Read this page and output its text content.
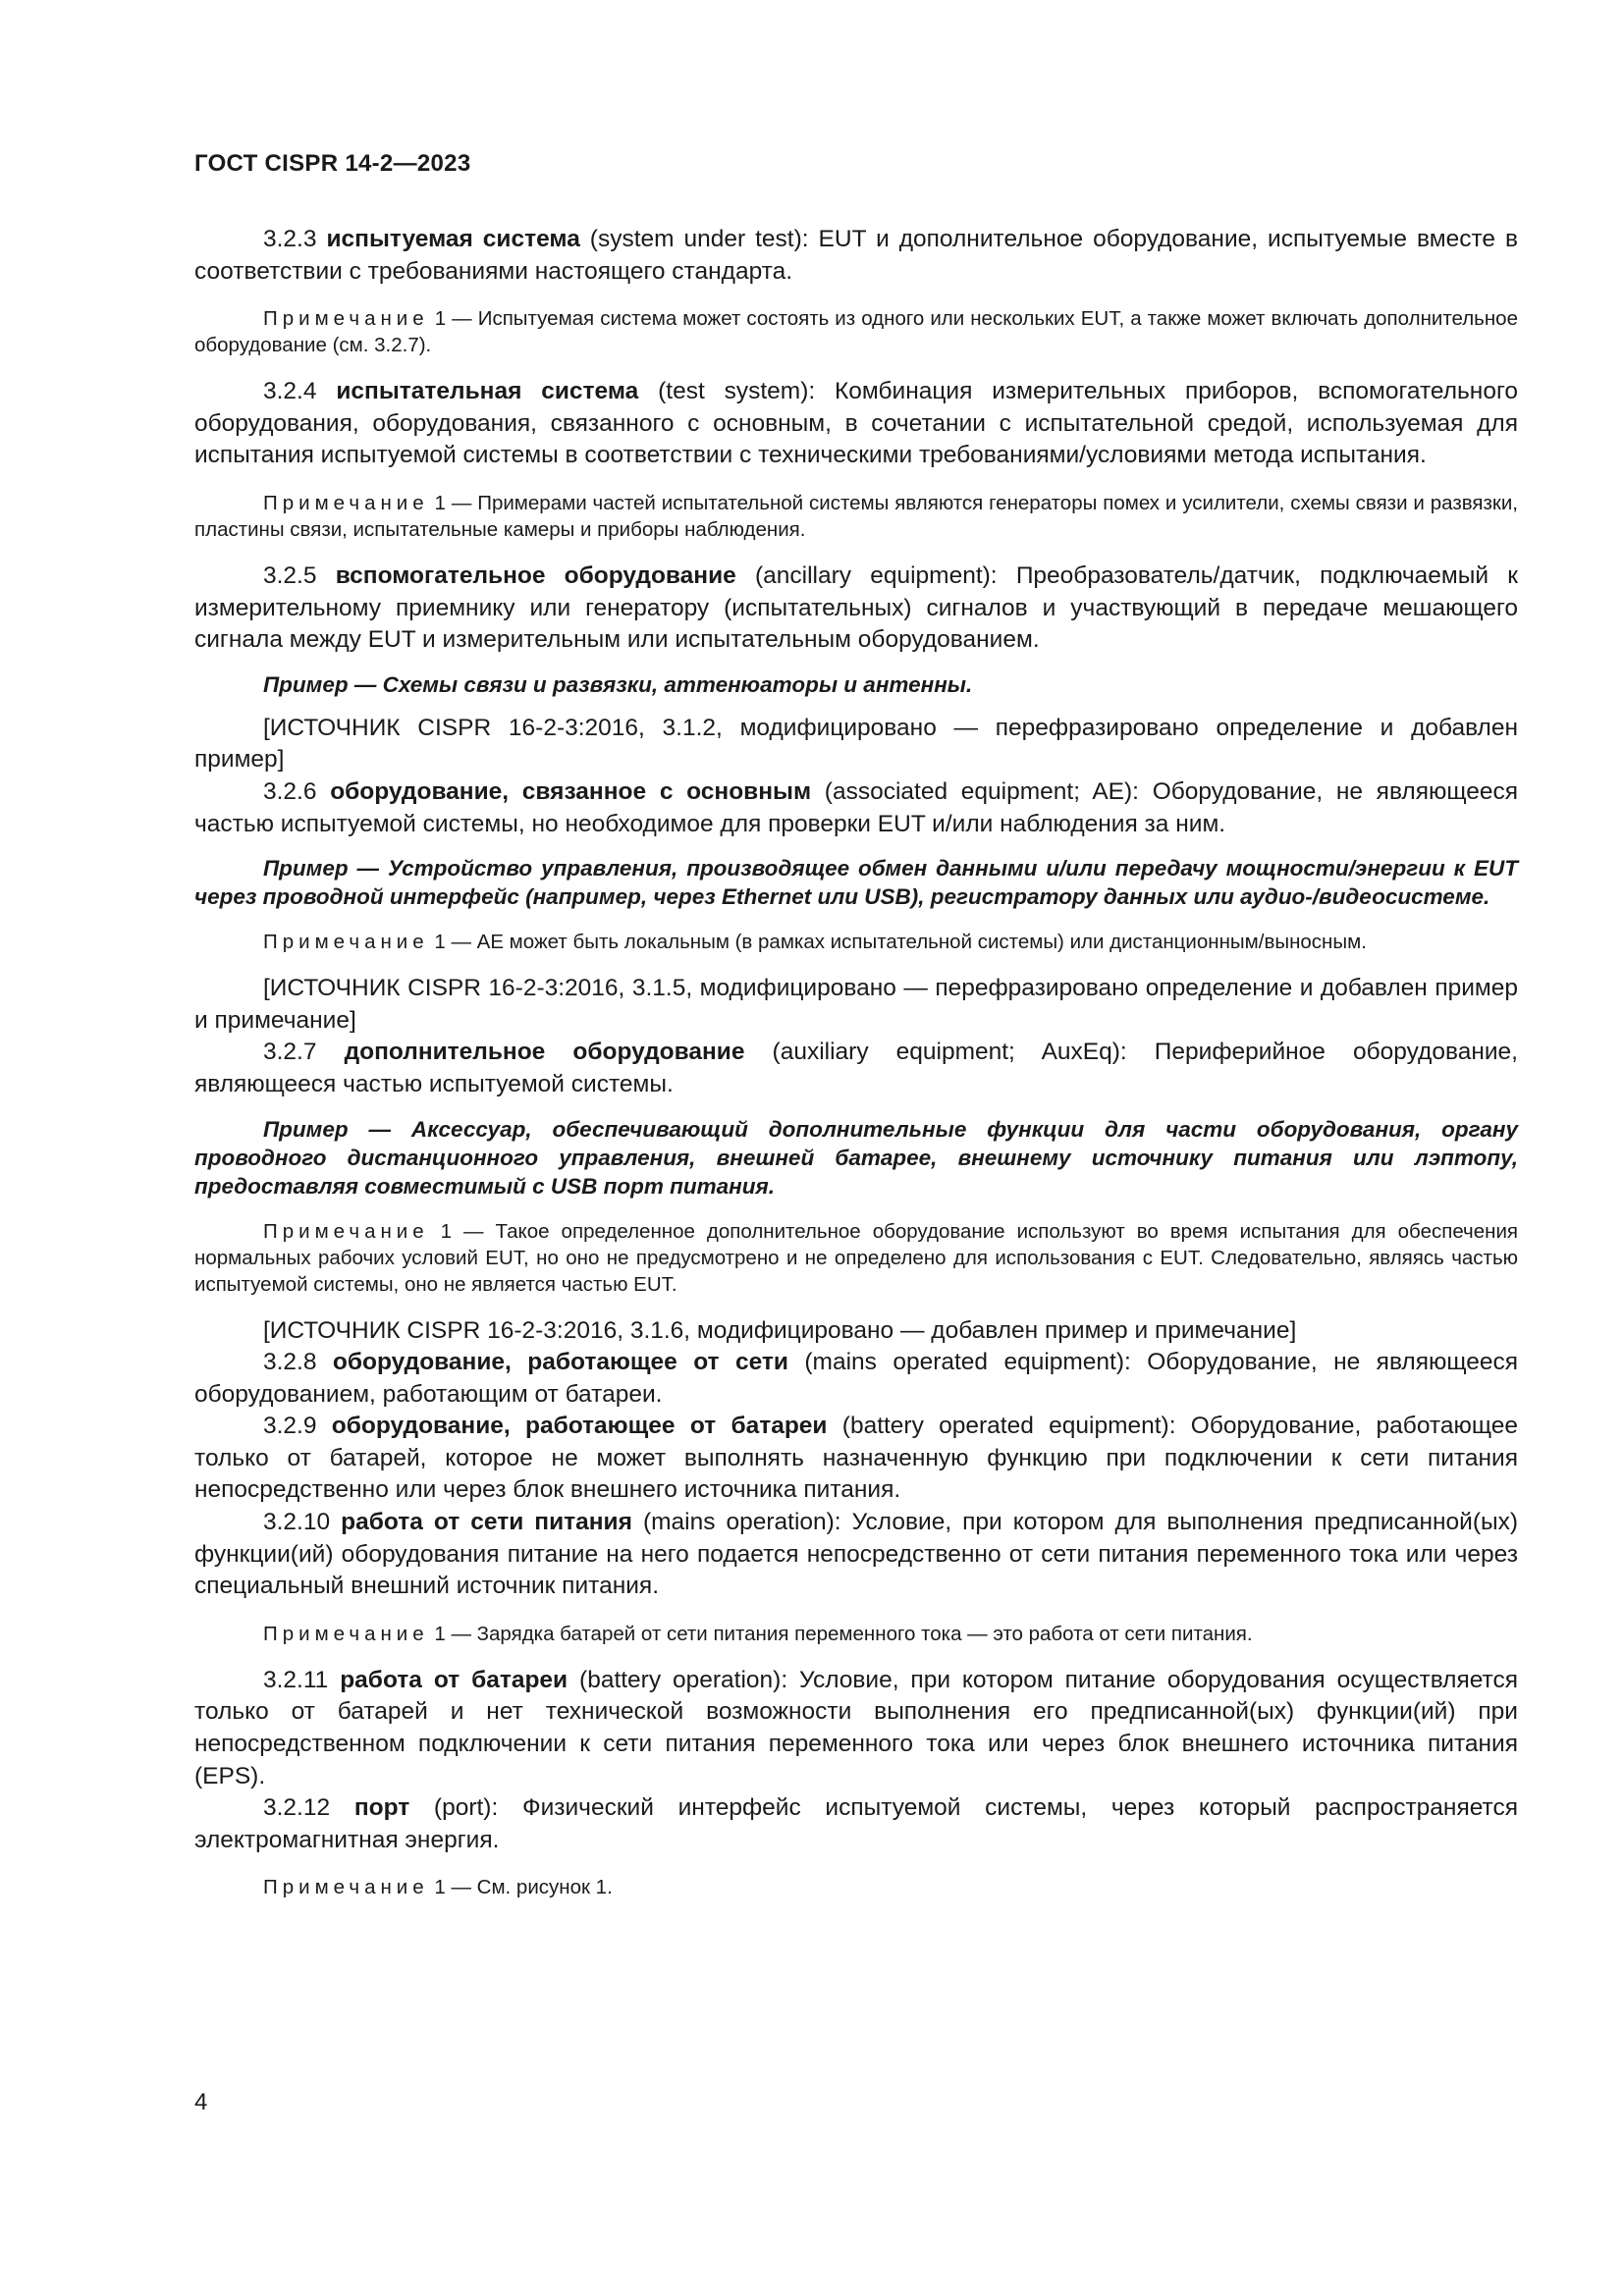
ГОСТ CISPR 14-2—2023

3.2.3 испытуемая система (system under test): EUT и дополнительное оборудование, испытуемые вместе в соответствии с требованиями настоящего стандарта.

Примечание 1 — Испытуемая система может состоять из одного или нескольких EUT, а также может включать дополнительное оборудование (см. 3.2.7).

3.2.4 испытательная система (test system): Комбинация измерительных приборов, вспомогательного оборудования, оборудования, связанного с основным, в сочетании с испытательной средой, используемая для испытания испытуемой системы в соответствии с техническими требованиями/условиями метода испытания.

Примечание 1 — Примерами частей испытательной системы являются генераторы помех и усилители, схемы связи и развязки, пластины связи, испытательные камеры и приборы наблюдения.

3.2.5 вспомогательное оборудование (ancillary equipment): Преобразователь/датчик, подключаемый к измерительному приемнику или генератору (испытательных) сигналов и участвующий в передаче мешающего сигнала между EUT и измерительным или испытательным оборудованием.

Пример — Схемы связи и развязки, аттенюаторы и антенны.

[ИСТОЧНИК CISPR 16-2-3:2016, 3.1.2, модифицировано — перефразировано определение и добавлен пример]

3.2.6 оборудование, связанное с основным (associated equipment; AE): Оборудование, не являющееся частью испытуемой системы, но необходимое для проверки EUT и/или наблюдения за ним.

Пример — Устройство управления, производящее обмен данными и/или передачу мощности/энергии к EUT через проводной интерфейс (например, через Ethernet или USB), регистратору данных или аудио-/видеосистеме.

Примечание 1 — AE может быть локальным (в рамках испытательной системы) или дистанционным/выносным.

[ИСТОЧНИК CISPR 16-2-3:2016, 3.1.5, модифицировано — перефразировано определение и добавлен пример и примечание]

3.2.7 дополнительное оборудование (auxiliary equipment; AuxEq): Периферийное оборудование, являющееся частью испытуемой системы.

Пример — Аксессуар, обеспечивающий дополнительные функции для части оборудования, органу проводного дистанционного управления, внешней батарее, внешнему источнику питания или лэптопу, предоставляя совместимый с USB порт питания.

Примечание 1 — Такое определенное дополнительное оборудование используют во время испытания для обеспечения нормальных рабочих условий EUT, но оно не предусмотрено и не определено для использования с EUT. Следовательно, являясь частью испытуемой системы, оно не является частью EUT.

[ИСТОЧНИК CISPR 16-2-3:2016, 3.1.6, модифицировано — добавлен пример и примечание]

3.2.8 оборудование, работающее от сети (mains operated equipment): Оборудование, не являющееся оборудованием, работающим от батареи.

3.2.9 оборудование, работающее от батареи (battery operated equipment): Оборудование, работающее только от батарей, которое не может выполнять назначенную функцию при подключении к сети питания непосредственно или через блок внешнего источника питания.

3.2.10 работа от сети питания (mains operation): Условие, при котором для выполнения предписанной(ых) функции(ий) оборудования питание на него подается непосредственно от сети питания переменного тока или через специальный внешний источник питания.

Примечание 1 — Зарядка батарей от сети питания переменного тока — это работа от сети питания.

3.2.11 работа от батареи (battery operation): Условие, при котором питание оборудования осуществляется только от батарей и нет технической возможности выполнения его предписанной(ых) функции(ий) при непосредственном подключении к сети питания переменного тока или через блок внешнего источника питания (EPS).

3.2.12 порт (port): Физический интерфейс испытуемой системы, через который распространяется электромагнитная энергия.

Примечание 1 — См. рисунок 1.

4
